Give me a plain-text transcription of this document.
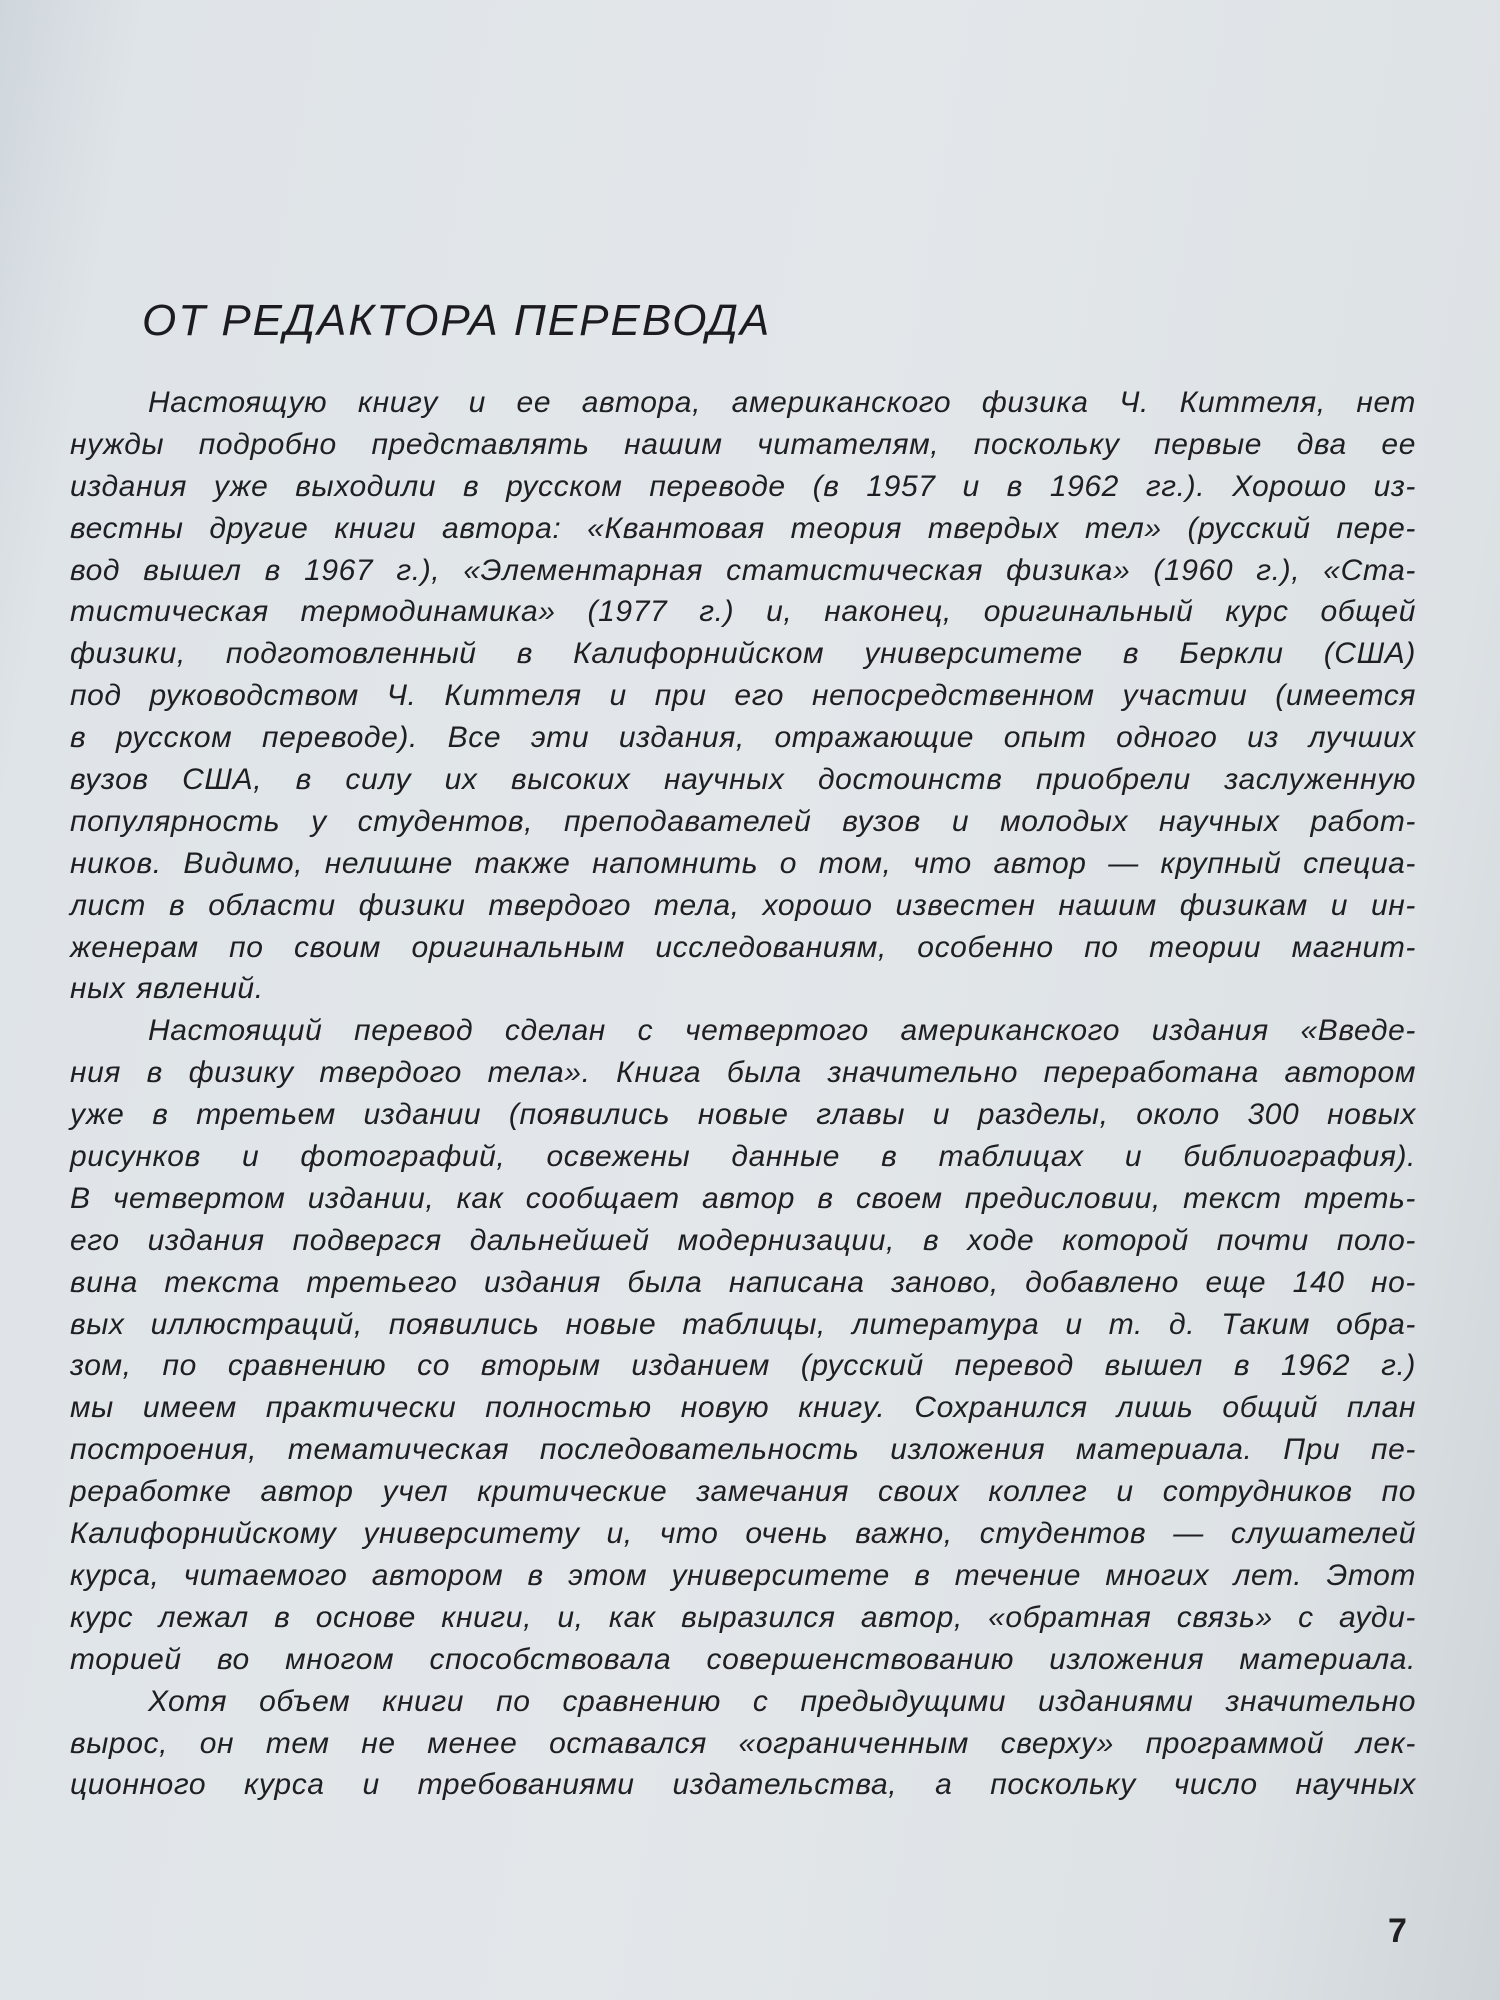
ОТ РЕДАКТОРА ПЕРЕВОДА
Настоящую книгу и ее автора, американского физика Ч. Киттеля, нет
нужды подробно представлять нашим читателям, поскольку первые два ее
издания уже выходили в русском переводе (в 1957 и в 1962 гг.). Хорошо из-
вестны другие книги автора: «Квантовая теория твердых тел» (русский пере-
вод вышел в 1967 г.), «Элементарная статистическая физика» (1960 г.), «Ста-
тистическая термодинамика» (1977 г.) и, наконец, оригинальный курс общей
физики, подготовленный в Калифорнийском университете в Беркли (США)
под руководством Ч. Киттеля и при его непосредственном участии (имеется
в русском переводе). Все эти издания, отражающие опыт одного из лучших
вузов США, в силу их высоких научных достоинств приобрели заслуженную
популярность у студентов, преподавателей вузов и молодых научных работ-
ников. Видимо, нелишне также напомнить о том, что автор — крупный специа-
лист в области физики твердого тела, хорошо известен нашим физикам и ин-
женерам по своим оригинальным исследованиям, особенно по теории магнит-
ных явлений.
Настоящий перевод сделан с четвертого американского издания «Введе-
ния в физику твердого тела». Книга была значительно переработана автором
уже в третьем издании (появились новые главы и разделы, около 300 новых
рисунков и фотографий, освежены данные в таблицах и библиография).
В четвертом издании, как сообщает автор в своем предисловии, текст треть-
его издания подвергся дальнейшей модернизации, в ходе которой почти поло-
вина текста третьего издания была написана заново, добавлено еще 140 но-
вых иллюстраций, появились новые таблицы, литература и т. д. Таким обра-
зом, по сравнению со вторым изданием (русский перевод вышел в 1962 г.)
мы имеем практически полностью новую книгу. Сохранился лишь общий план
построения, тематическая последовательность изложения материала. При пе-
реработке автор учел критические замечания своих коллег и сотрудников по
Калифорнийскому университету и, что очень важно, студентов — слушателей
курса, читаемого автором в этом университете в течение многих лет. Этот
курс лежал в основе книги, и, как выразился автор, «обратная связь» с ауди-
торией во многом способствовала совершенствованию изложения материала.
Хотя объем книги по сравнению с предыдущими изданиями значительно
вырос, он тем не менее оставался «ограниченным сверху» программой лек-
ционного курса и требованиями издательства, а поскольку число научных
7
